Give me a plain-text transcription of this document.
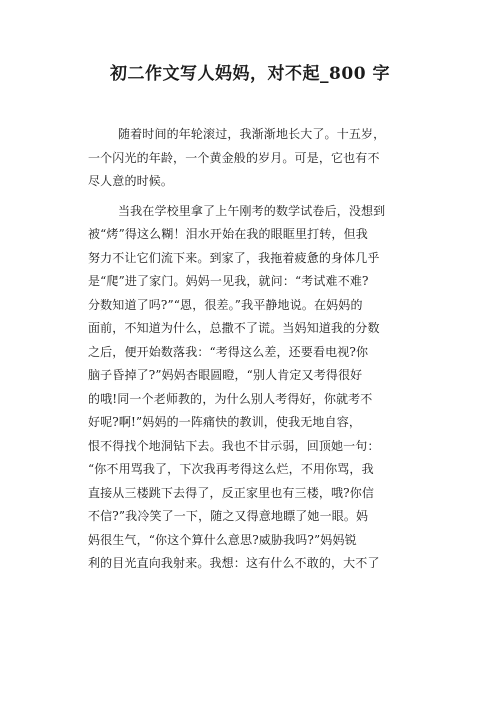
初二作文写人妈妈，对不起_800 字
随着时间的年轮滚过，我渐渐地长大了。十五岁，
一个闪光的年龄，一个黄金般的岁月。可是，它也有不
尽人意的时候。
当我在学校里拿了上午刚考的数学试卷后，没想到
被“烤”得这么糊！泪水开始在我的眼眶里打转，但我
努力不让它们流下来。到家了，我拖着疲惫的身体几乎
是“爬”进了家门。妈妈一见我，就问：“考试难不难?
分数知道了吗?”“恩，很差。”我平静地说。在妈妈的
面前，不知道为什么，总撒不了谎。当妈知道我的分数
之后，便开始数落我：“考得这么差，还要看电视?你
脑子昏掉了?”妈妈杏眼圆瞪，“别人肯定又考得很好
的哦!同一个老师教的，为什么别人考得好，你就考不
好呢?啊!”妈妈的一阵痛快的教训，使我无地自容，
恨不得找个地洞钻下去。我也不甘示弱，回顶她一句：
“你不用骂我了，下次我再考得这么烂，不用你骂，我
直接从三楼跳下去得了，反正家里也有三楼，哦?你信
不信?”我冷笑了一下，随之又得意地瞟了她一眼。妈
妈很生气，“你这个算什么意思?威胁我吗?”妈妈锐
利的目光直向我射来。我想：这有什么不敢的，大不了
